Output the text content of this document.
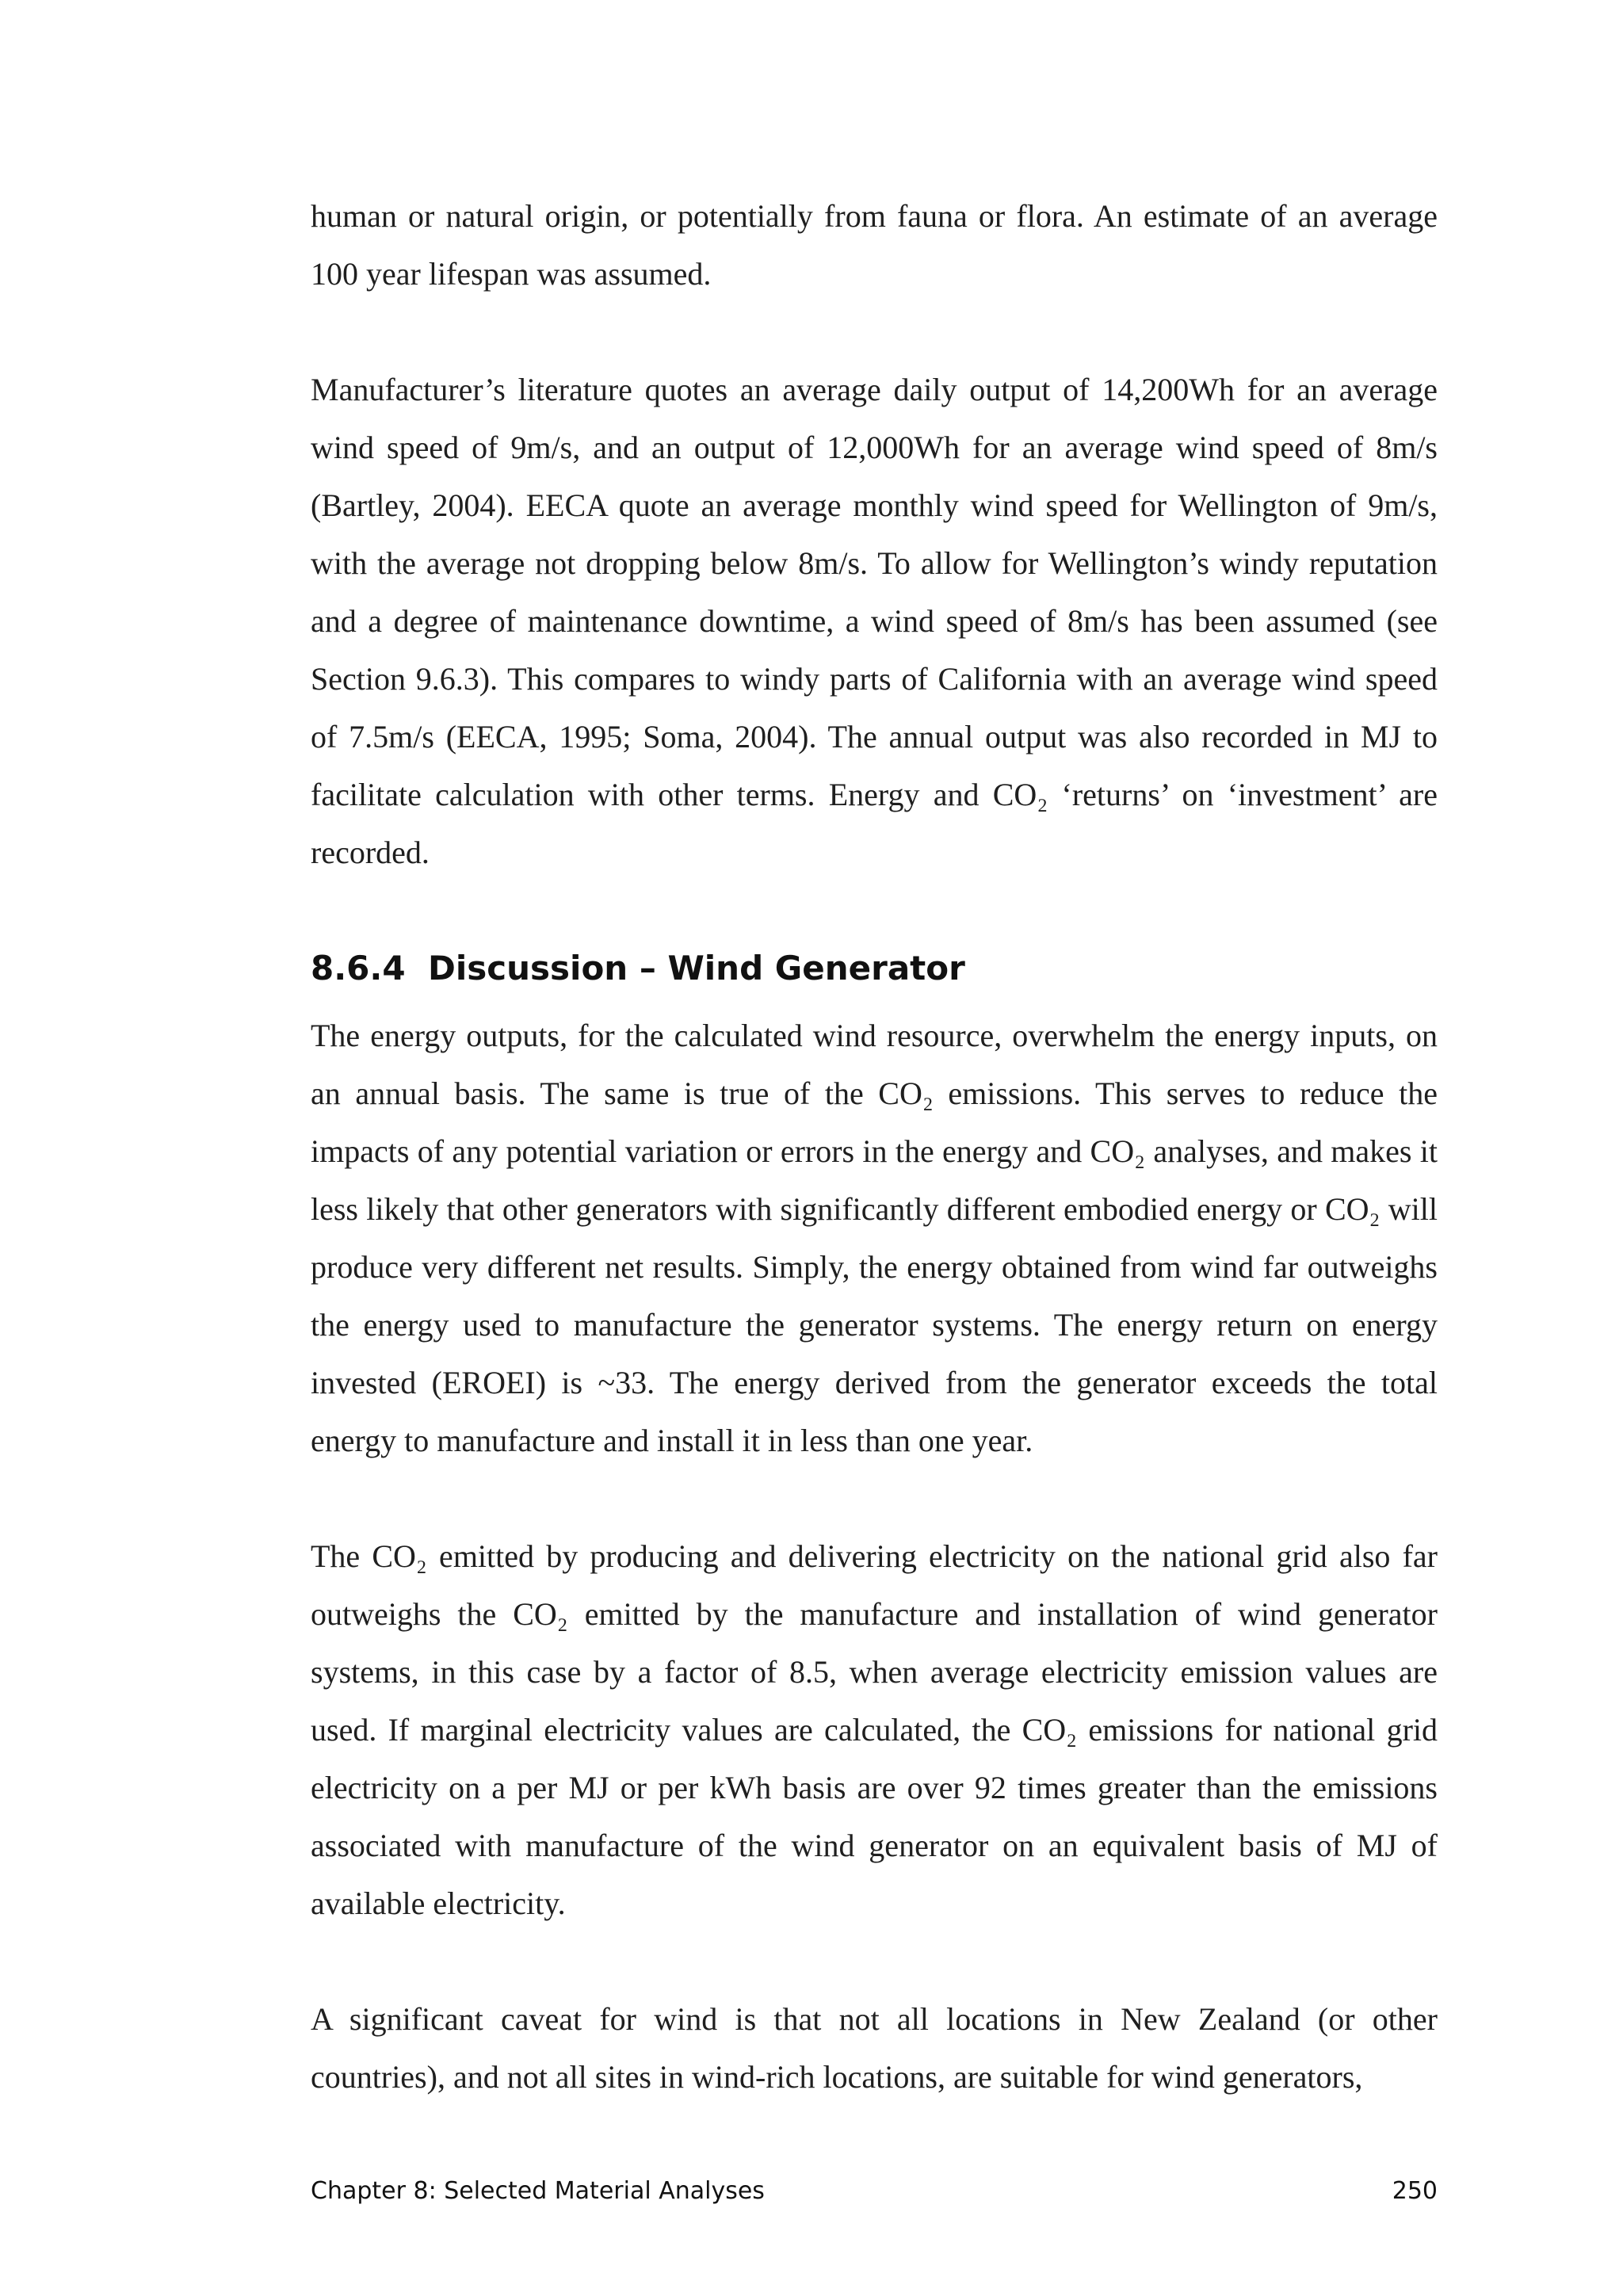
human or natural origin, or potentially from fauna or flora. An estimate of an average 100 year lifespan was assumed.

Manufacturer’s literature quotes an average daily output of 14,200Wh for an average wind speed of 9m/s, and an output of 12,000Wh for an average wind speed of 8m/s (Bartley, 2004). EECA quote an average monthly wind speed for Wellington of 9m/s, with the average not dropping below 8m/s. To allow for Wellington’s windy reputation and a degree of maintenance downtime, a wind speed of 8m/s has been assumed (see Section 9.6.3). This compares to windy parts of California with an average wind speed of 7.5m/s (EECA, 1995; Soma, 2004). The annual output was also recorded in MJ to facilitate calculation with other terms. Energy and CO₂ ‘returns’ on ‘investment’ are recorded.

8.6.4 Discussion – Wind Generator

The energy outputs, for the calculated wind resource, overwhelm the energy inputs, on an annual basis. The same is true of the CO₂ emissions. This serves to reduce the impacts of any potential variation or errors in the energy and CO₂ analyses, and makes it less likely that other generators with significantly different embodied energy or CO₂ will produce very different net results. Simply, the energy obtained from wind far outweighs the energy used to manufacture the generator systems. The energy return on energy invested (EROEI) is ~33. The energy derived from the generator exceeds the total energy to manufacture and install it in less than one year.

The CO₂ emitted by producing and delivering electricity on the national grid also far outweighs the CO₂ emitted by the manufacture and installation of wind generator systems, in this case by a factor of 8.5, when average electricity emission values are used. If marginal electricity values are calculated, the CO₂ emissions for national grid electricity on a per MJ or per kWh basis are over 92 times greater than the emissions associated with manufacture of the wind generator on an equivalent basis of MJ of available electricity.

A significant caveat for wind is that not all locations in New Zealand (or other countries), and not all sites in wind-rich locations, are suitable for wind generators,

Chapter 8: Selected Material Analyses	250
